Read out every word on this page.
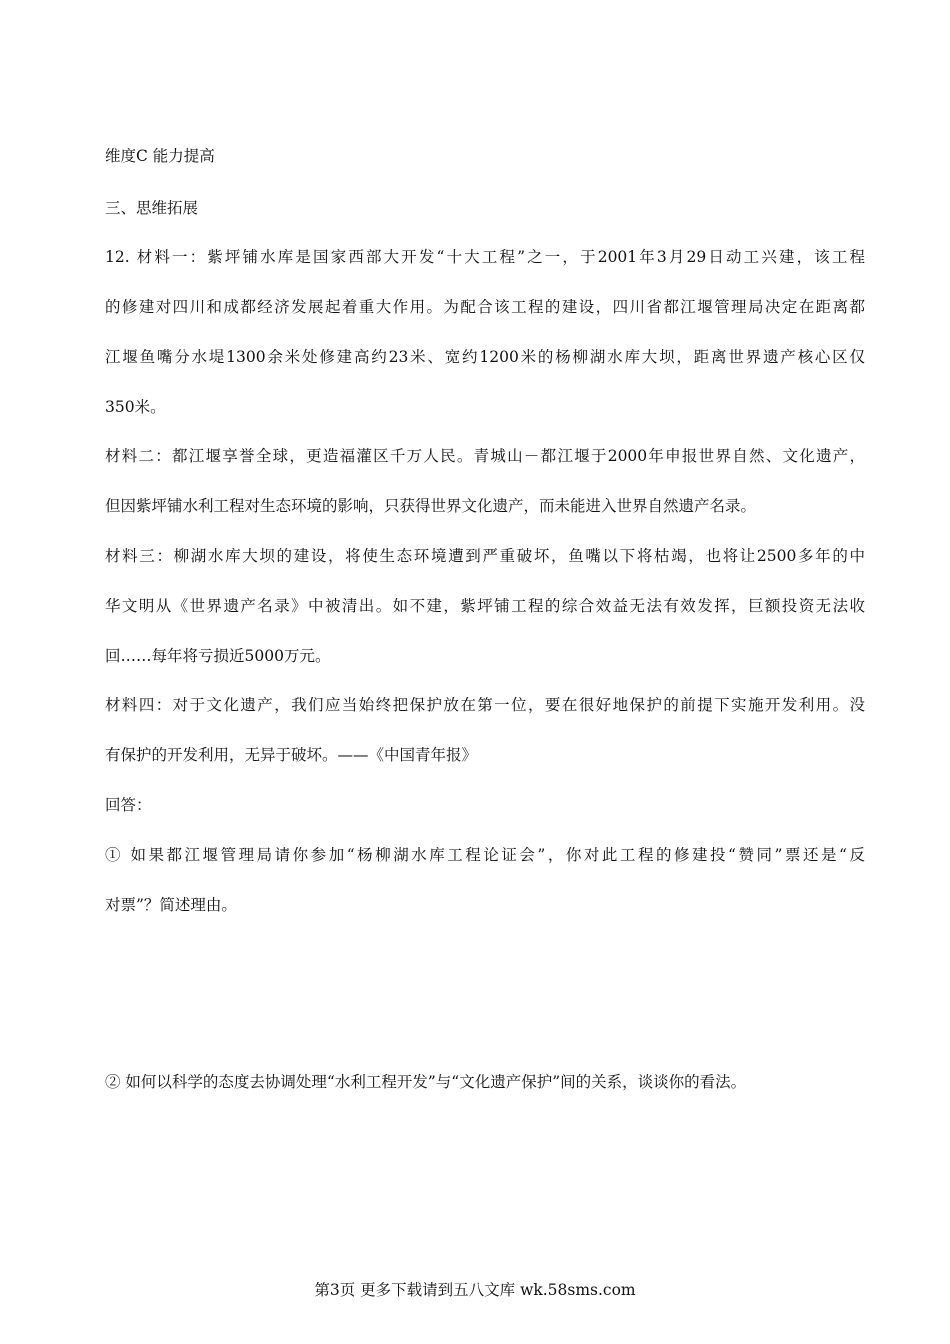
维度C 能力提高
三、思维拓展
12. 材料一：紫坪铺水库是国家西部大开发“十大工程”之一，于2001年3月29日动工兴建，该工程
的修建对四川和成都经济发展起着重大作用。为配合该工程的建设，四川省都江堰管理局决定在距离都
江堰鱼嘴分水堤1300余米处修建高约23米、宽约1200米的杨柳湖水库大坝，距离世界遗产核心区仅
350米。
材料二：都江堰享誉全球，更造福灌区千万人民。青城山－都江堰于2000年申报世界自然、文化遗产，
但因紫坪铺水利工程对生态环境的影响，只获得世界文化遗产，而未能进入世界自然遗产名录。
材料三：柳湖水库大坝的建设，将使生态环境遭到严重破坏，鱼嘴以下将枯竭，也将让2500多年的中
华文明从《世界遗产名录》中被清出。如不建，紫坪铺工程的综合效益无法有效发挥，巨额投资无法收
回……每年将亏损近5000万元。
材料四：对于文化遗产，我们应当始终把保护放在第一位，要在很好地保护的前提下实施开发利用。没
有保护的开发利用，无异于破坏。——《中国青年报》
回答：
① 如果都江堰管理局请你参加“杨柳湖水库工程论证会”，你对此工程的修建投“赞同”票还是“反
对票”？简述理由。
② 如何以科学的态度去协调处理“水利工程开发”与“文化遗产保护”间的关系，谈谈你的看法。
第3页 更多下载请到五八文库 wk.58sms.com
